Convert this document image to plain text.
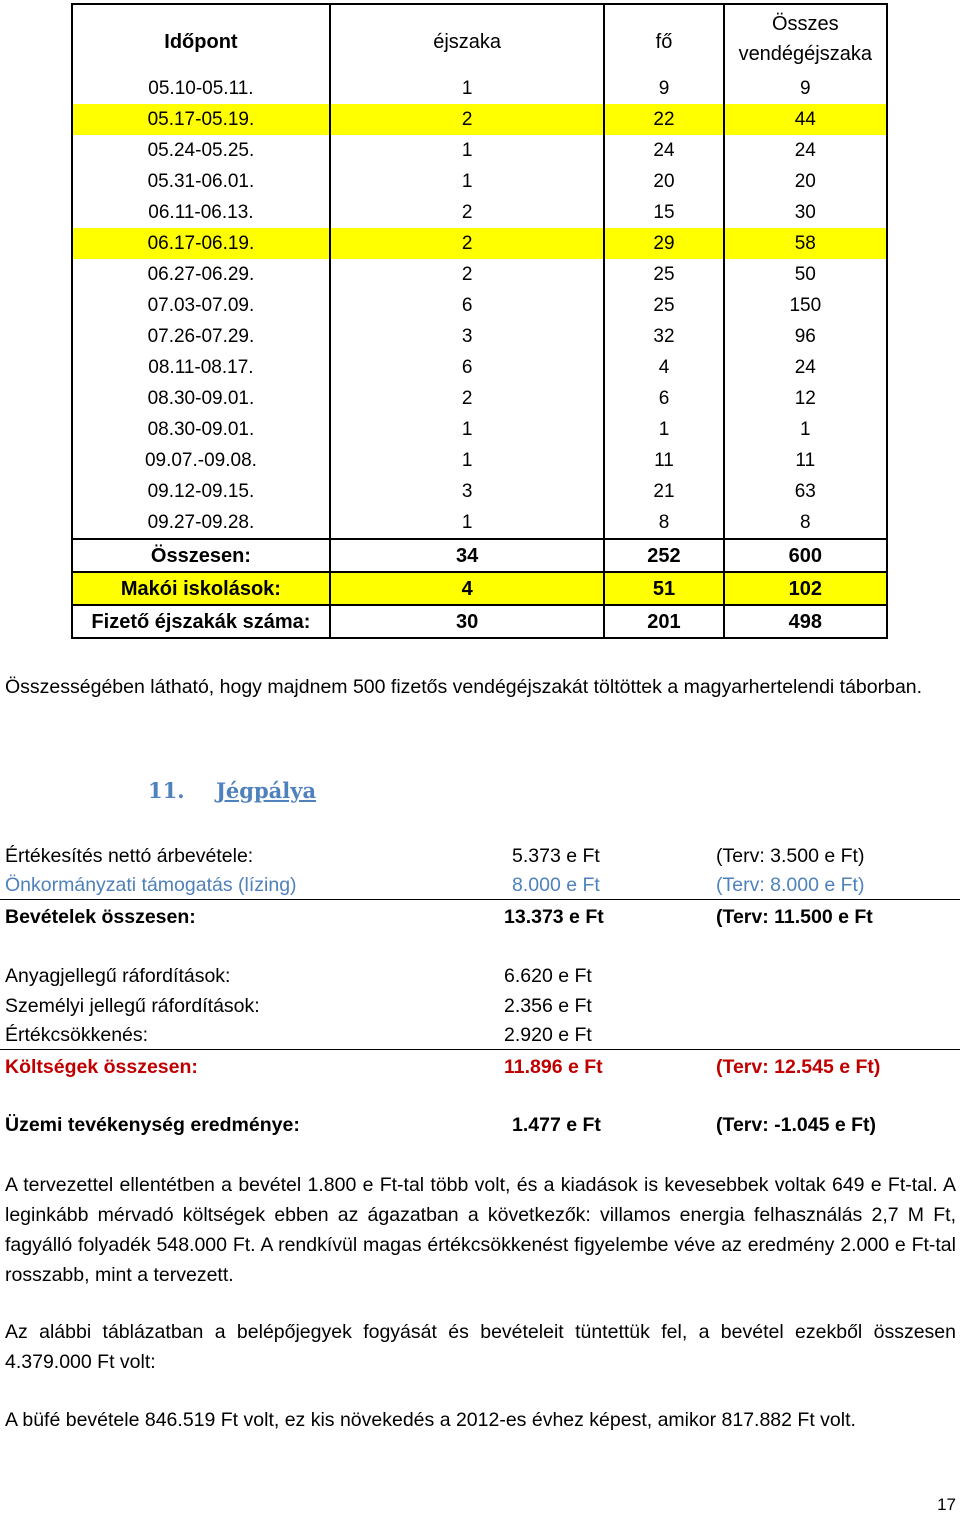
Időpont	éjszaka	fő	Összes
vendégéjszaka
05.10-05.11.	1	9	9
05.17-05.19.	2	22	44
05.24-05.25.	1	24	24
05.31-06.01.	1	20	20
06.11-06.13.	2	15	30
06.17-06.19.	2	29	58
06.27-06.29.	2	25	50
07.03-07.09.	6	25	150
07.26-07.29.	3	32	96
08.11-08.17.	6	4	24
08.30-09.01.	2	6	12
08.30-09.01.	1	1	1
09.07.-09.08.	1	11	11
09.12-09.15.	3	21	63
09.27-09.28.	1	8	8
Összesen:	34	252	600
Makói iskolások:	4	51	102
Fizető éjszakák száma:	30	201	498
Összességében látható, hogy majdnem 500 fizetős vendégéjszakát töltöttek a magyarhertelendi táborban.
11. Jégpálya
Értékesítés nettó árbevétele:	5.373 e Ft	(Terv: 3.500 e Ft)
Önkormányzati támogatás (lízing)	8.000 e Ft	(Terv: 8.000 e Ft)
Bevételek összesen:	13.373 e Ft	(Terv: 11.500 e Ft
Anyagjellegű ráfordítások:	6.620 e Ft
Személyi jellegű ráfordítások:	2.356 e Ft
Értékcsökkenés:	2.920 e Ft
Költségek összesen:	11.896 e Ft	(Terv: 12.545 e Ft)
Üzemi tevékenység eredménye:	1.477 e Ft	(Terv: -1.045 e Ft)
A tervezettel ellentétben a bevétel 1.800 e Ft-tal több volt, és a kiadások is kevesebbek voltak 649 e Ft-tal. A leginkább mérvadó költségek ebben az ágazatban a következők: villamos energia felhasználás 2,7 M Ft, fagyálló folyadék 548.000 Ft. A rendkívül magas értékcsökkenést figyelembe véve az eredmény 2.000 e Ft-tal rosszabb, mint a tervezett.
Az alábbi táblázatban a belépőjegyek fogyását és bevételeit tüntettük fel, a bevétel ezekből összesen 4.379.000 Ft volt:
A büfé bevétele 846.519 Ft volt, ez kis növekedés a 2012-es évhez képest, amikor 817.882 Ft volt.
17
